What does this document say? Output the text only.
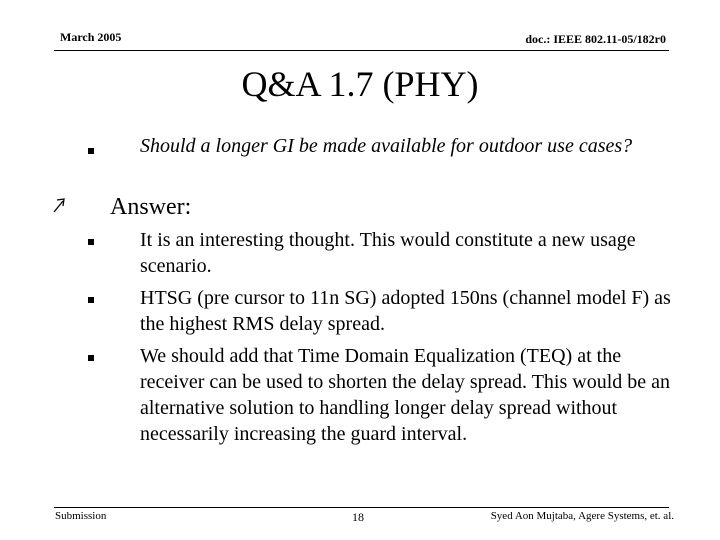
March 2005	doc.: IEEE 802.11-05/182r0
Q&A 1.7 (PHY)
Should a longer GI be made available for outdoor use cases?
Answer:
It is an interesting thought. This would constitute a new usage scenario.
HTSG (pre cursor to 11n SG) adopted 150ns (channel model F) as the highest RMS delay spread.
We should add that Time Domain Equalization (TEQ) at the receiver can be used to shorten the delay spread. This would be an alternative solution to handling longer delay spread without necessarily increasing the guard interval.
Submission	18	Syed Aon Mujtaba, Agere Systems, et. al.
